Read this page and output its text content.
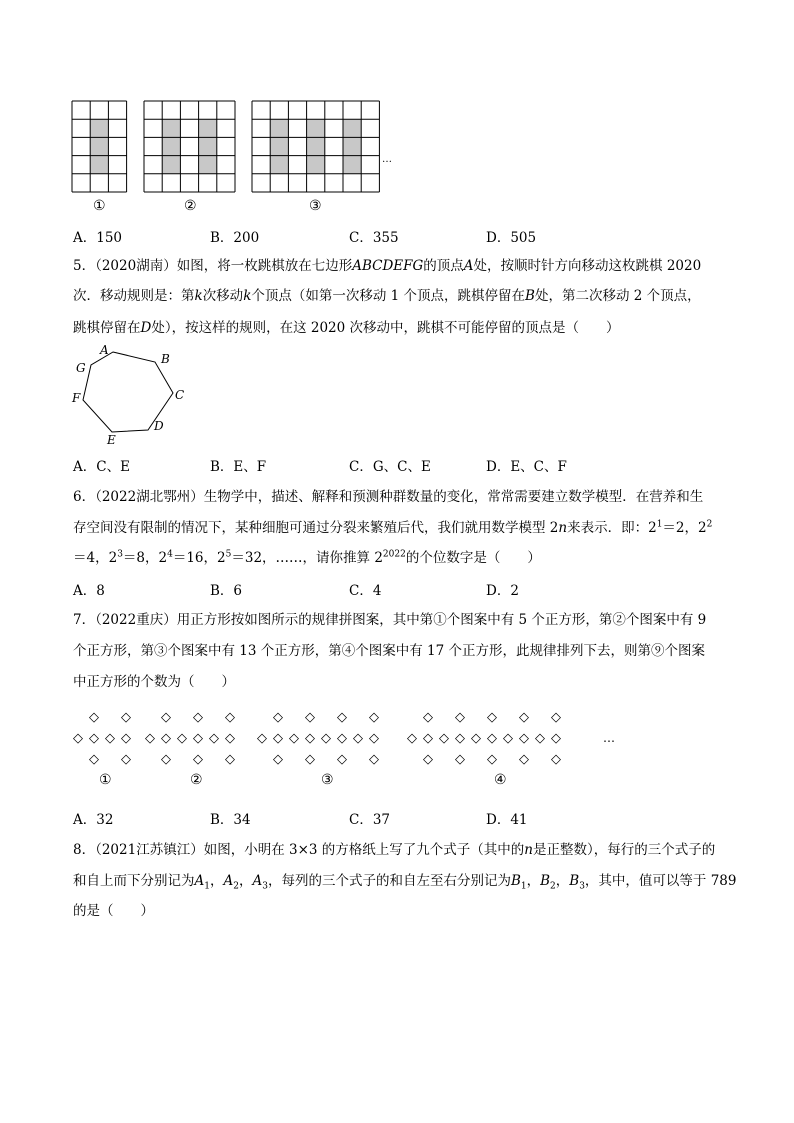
…
①	②	③
A．150	B．200	C．355	D．505
5．（2020湖南）如图，将一枚跳棋放在七边形ABCDEFG的顶点A处，按顺时针方向移动这枚跳棋 2020
次．移动规则是：第k次移动k个顶点（如第一次移动 1 个顶点，跳棋停留在B处，第二次移动 2 个顶点，
跳棋停留在D处），按这样的规则，在这 2020 次移动中，跳棋不可能停留的顶点是（　　）
A
B
C
D
E
F
G
A．C、E	B．E、F	C．G、C、E	D．E、C、F
6．（2022湖北鄂州）生物学中，描述、解释和预测种群数量的变化，常常需要建立数学模型．在营养和生
存空间没有限制的情况下，某种细胞可通过分裂来繁殖后代，我们就用数学模型 2n来表示．即：$2^1=2$，$2^2$
＝4，$2^3=8$，$2^4=16$，$2^5=32$，……，请你推算 $2^{2022}$的个位数字是（　　）
A．8	B．6	C．4	D．2
7．（2022重庆）用正方形按如图所示的规律拼图案，其中第①个图案中有 5 个正方形，第②个图案中有 9
个正方形，第③个图案中有 13 个正方形，第④个图案中有 17 个正方形，此规律排列下去，则第⑨个图案
中正方形的个数为（　　）
◇ ◇ ◇ ◇
◇
◇
◇
◇
◇ ◇ ◇ ◇ ◇ ◇
◇
◇
◇
◇
◇
◇
◇ ◇ ◇ ◇ ◇ ◇ ◇ ◇
◇
◇
◇
◇
◇
◇
◇
◇
◇ ◇ ◇ ◇ ◇ ◇ ◇ ◇ ◇ ◇
◇
◇
◇
◇
◇
◇
◇
◇
◇
◇
…
①	②	③	④
A．32	B．34	C．37	D．41
8．（2021江苏镇江）如图，小明在 3×3 的方格纸上写了九个式子（其中的n是正整数），每行的三个式子的
和自上而下分别记为$A_1$，$A_2$，$A_3$，每列的三个式子的和自左至右分别记为$B_1$，$B_2$，$B_3$，其中，值可以等于 789
的是（　　）
